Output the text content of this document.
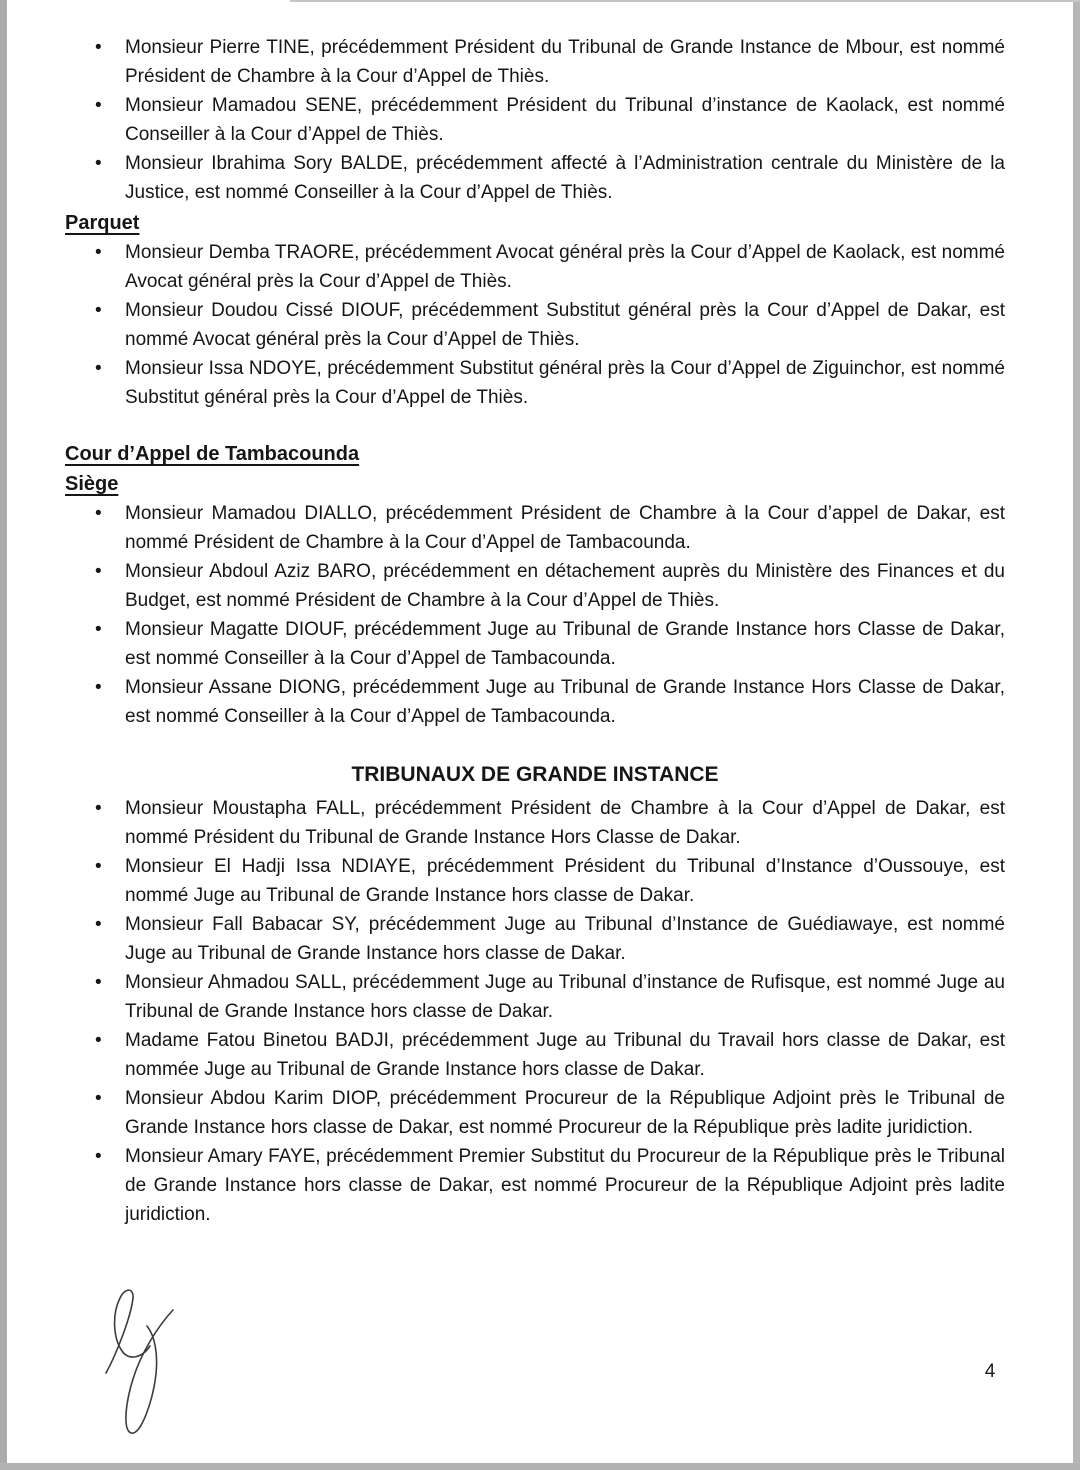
• Monsieur Pierre TINE, précédemment Président du Tribunal de Grande Instance de Mbour, est nommé Président de Chambre à la Cour d’Appel de Thiès.
• Monsieur Mamadou SENE, précédemment Président du Tribunal d’instance de Kaolack, est nommé Conseiller à la Cour d’Appel de Thiès.
• Monsieur Ibrahima Sory BALDE, précédemment affecté à l’Administration centrale du Ministère de la Justice, est nommé Conseiller à la Cour d’Appel de Thiès.
Parquet
• Monsieur Demba TRAORE, précédemment Avocat général près la Cour d’Appel de Kaolack, est nommé Avocat général près la Cour d’Appel de Thiès.
• Monsieur Doudou Cissé DIOUF, précédemment Substitut général près la Cour d’Appel de Dakar, est nommé Avocat général près la Cour d’Appel de Thiès.
• Monsieur Issa NDOYE, précédemment Substitut général près la Cour d’Appel de Ziguinchor, est nommé Substitut général près la Cour d’Appel de Thiès.
Cour d’Appel de Tambacounda
Siège
• Monsieur Mamadou DIALLO, précédemment Président de Chambre à la Cour d’appel de Dakar, est nommé Président de Chambre à la Cour d’Appel de Tambacounda.
• Monsieur Abdoul Aziz BARO, précédemment en détachement auprès du Ministère des Finances et du Budget, est nommé Président de Chambre à la Cour d’Appel de Thiès.
• Monsieur Magatte DIOUF, précédemment Juge au Tribunal de Grande Instance hors Classe de Dakar, est nommé Conseiller à la Cour d’Appel de Tambacounda.
• Monsieur Assane DIONG, précédemment Juge au Tribunal de Grande Instance Hors Classe de Dakar, est nommé Conseiller à la Cour d’Appel de Tambacounda.
TRIBUNAUX DE GRANDE INSTANCE
• Monsieur Moustapha FALL, précédemment Président de Chambre à la Cour d’Appel de Dakar, est nommé Président du Tribunal de Grande Instance Hors Classe de Dakar.
• Monsieur El Hadji Issa NDIAYE, précédemment Président du Tribunal d’Instance d’Oussouye, est nommé Juge au Tribunal de Grande Instance hors classe de Dakar.
• Monsieur Fall Babacar SY, précédemment Juge au Tribunal d’Instance de Guédiawaye, est nommé Juge au Tribunal de Grande Instance hors classe de Dakar.
• Monsieur Ahmadou SALL, précédemment Juge au Tribunal d’instance de Rufisque, est nommé Juge au Tribunal de Grande Instance hors classe de Dakar.
• Madame Fatou Binetou BADJI, précédemment Juge au Tribunal du Travail hors classe de Dakar, est nommée Juge au Tribunal de Grande Instance hors classe de Dakar.
• Monsieur Abdou Karim DIOP, précédemment Procureur de la République Adjoint près le Tribunal de Grande Instance hors classe de Dakar, est nommé Procureur de la République près ladite juridiction.
• Monsieur Amary FAYE, précédemment Premier Substitut du Procureur de la République près le Tribunal de Grande Instance hors classe de Dakar, est nommé Procureur de la République Adjoint près ladite juridiction.
4
